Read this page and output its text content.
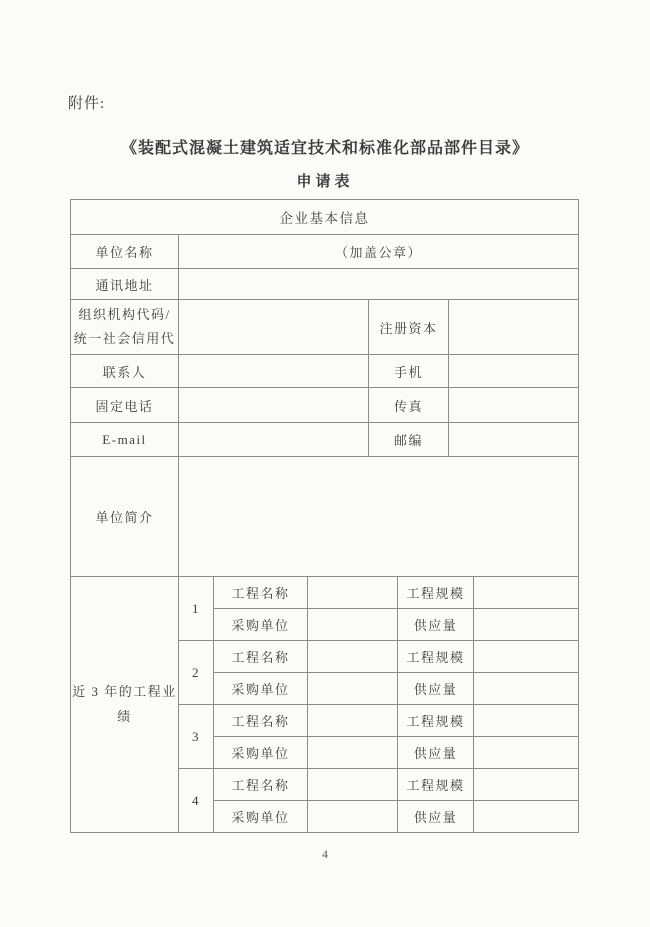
附件:
《装配式混凝土建筑适宜技术和标准化部品部件目录》
申请表
企业基本信息							
单位名称	（加盖公章）						
通讯地址							

组织机构代码/
统一社会信用代				注册资本			
联系人				手机			
固定电话				传真			
E-mail				邮编			
单位简介							

近 3 年的工程业
绩	1	工程名称			工程规模		
		采购单位			供应量		
	2	工程名称			工程规模		
		采购单位			供应量		
	3	工程名称			工程规模		
		采购单位			供应量		
	4	工程名称			工程规模		
		采购单位			供应量		
4
